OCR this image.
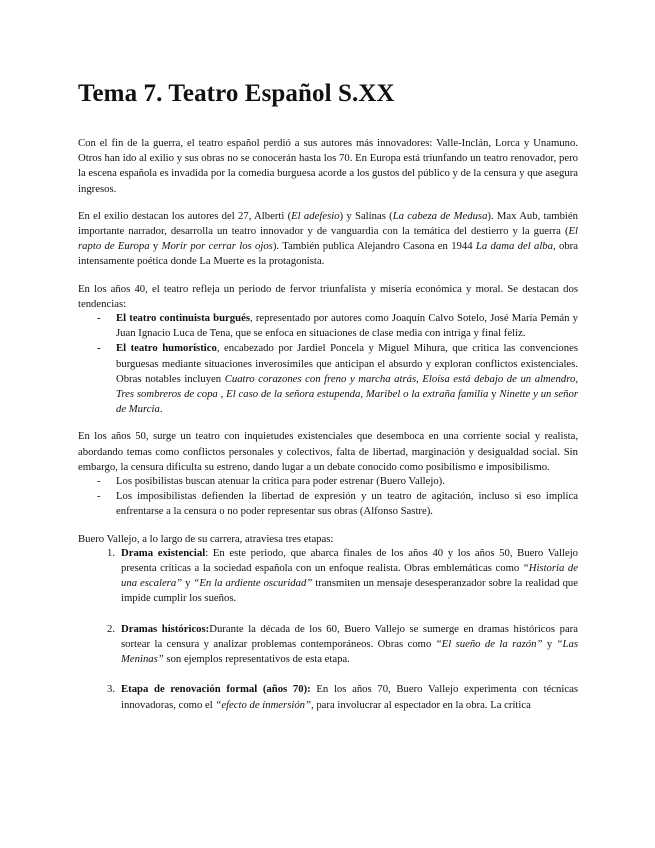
Tema 7. Teatro Español S.XX

Con el fin de la guerra, el teatro español perdió a sus autores más innovadores: Valle-Inclán, Lorca y Unamuno. Otros han ido al exilio y sus obras no se conocerán hasta los 70. En Europa está triunfando un teatro renovador, pero la escena española es invadida por la comedia burguesa acorde a los gustos del público y de la censura y que asegura ingresos.

En el exilio destacan los autores del 27, Alberti (El adefesio) y Salinas (La cabeza de Medusa). Max Aub, también importante narrador, desarrolla un teatro innovador y de vanguardia con la temática del destierro y la guerra (El rapto de Europa y Morir por cerrar los ojos). También publica Alejandro Casona en 1944 La dama del alba, obra intensamente poética donde La Muerte es la protagonista.

En los años 40, el teatro refleja un periodo de fervor triunfalista y miseria económica y moral. Se destacan dos tendencias:

- El teatro continuista burgués, representado por autores como Joaquín Calvo Sotelo, José María Pemán y Juan Ignacio Luca de Tena, que se enfoca en situaciones de clase media con intriga y final feliz.
- El teatro humorístico, encabezado por Jardiel Poncela y Miguel Mihura, que critica las convenciones burguesas mediante situaciones inverosímiles que anticipan el absurdo y exploran conflictos existenciales. Obras notables incluyen Cuatro corazones con freno y marcha atrás, Eloísa está debajo de un almendro, Tres sombreros de copa , El caso de la señora estupenda, Maribel o la extraña familia y Ninette y un señor de Murcia.

En los años 50, surge un teatro con inquietudes existenciales que desemboca en una corriente social y realista, abordando temas como conflictos personales y colectivos, falta de libertad, marginación y desigualdad social. Sin embargo, la censura dificulta su estreno, dando lugar a un debate conocido como posibilismo e imposibilismo.

- Los posibilistas buscan atenuar la crítica para poder estrenar (Buero Vallejo).
- Los imposibilistas defienden la libertad de expresión y un teatro de agitación, incluso si eso implica enfrentarse a la censura o no poder representar sus obras (Alfonso Sastre).

Buero Vallejo, a lo largo de su carrera, atraviesa tres etapas:

1. Drama existencial: En este periodo, que abarca finales de los años 40 y los años 50, Buero Vallejo presenta críticas a la sociedad española con un enfoque realista. Obras emblemáticas como “Historia de una escalera” y “En la ardiente oscuridad” transmiten un mensaje desesperanzador sobre la realidad que impide cumplir los sueños.
2. Dramas históricos:Durante la década de los 60, Buero Vallejo se sumerge en dramas históricos para sortear la censura y analizar problemas contemporáneos. Obras como “El sueño de la razón” y “Las Meninas” son ejemplos representativos de esta etapa.
3. Etapa de renovación formal (años 70): En los años 70, Buero Vallejo experimenta con técnicas innovadoras, como el “efecto de inmersión”, para involucrar al espectador en la obra. La crítica
